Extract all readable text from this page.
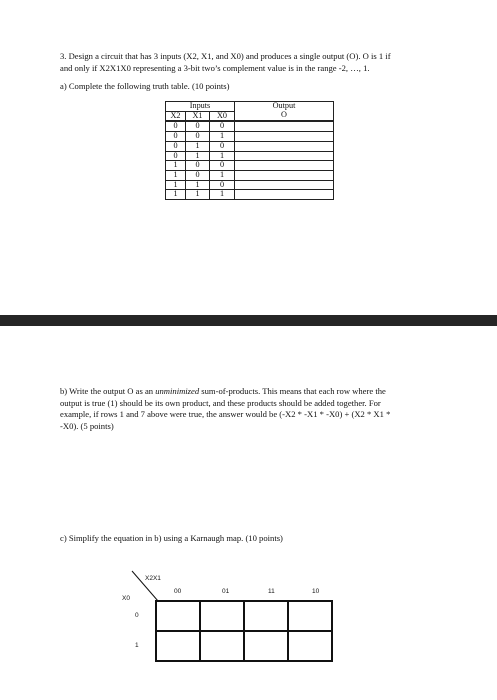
3. Design a circuit that has 3 inputs (X2, X1, and X0) and produces a single output (O). O is 1 if
and only if X2X1X0 representing a 3-bit two’s complement value is in the range -2, …, 1.
a) Complete the following truth table. (10 points)
Inputs			Output
X2	X1	X0	O
0	0	0	
0	0	1	
0	1	0	
0	1	1	
1	0	0	
1	0	1	
1	1	0	
1	1	1	
b) Write the output O as an unminimized sum-of-products. This means that each row where the
output is true (1) should be its own product, and these products should be added together. For
example, if rows 1 and 7 above were true, the answer would be (-X2 * -X1 * -X0) + (X2 * X1 *
-X0). (5 points)
c) Simplify the equation in b) using a Karnaugh map. (10 points)
X2X1
X0
00	01	11	10
0
1
